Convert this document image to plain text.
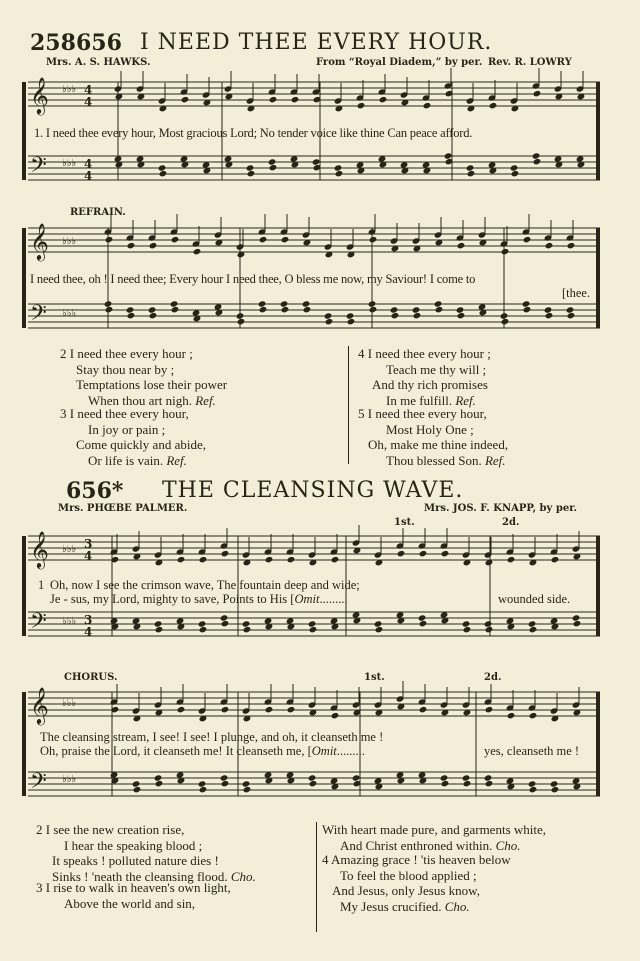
258 656 I NEED THEE EVERY HOUR.
Mrs. A. S. HAWKS.	From “Royal Diadem,” by per. Rev. R. LOWRY
𝄞
𝄢
𝄞
𝄢
𝄞
𝄢
𝄞
𝄢
♭♭♭
♭♭♭
4
4
4
4
♭♭♭
♭♭♭
♭♭♭
♭♭♭
3
4
3
4
♭♭♭
♭♭♭
1. I need thee every hour, Most gracious Lord; No tender voice like thine Can peace afford.
REFRAIN.
I need thee, oh ! I need thee; Every hour I need thee, O bless me now, my Saviour! I come to
[thee.
2 I need thee every hour ;
Stay thou near by ;
Temptations lose their power
When thou art nigh. Ref.
3 I need thee every hour,
In joy or pain ;
Come quickly and abide,
Or life is vain. Ref.
4 I need thee every hour ;
Teach me thy will ;
And thy rich promises
In me fulfill. Ref.
5 I need thee every hour,
Most Holy One ;
Oh, make me thine indeed,
Thou blessed Son. Ref.
656* THE CLEANSING WAVE.
Mrs. PHŒBE PALMER.	Mrs. JOS. F. KNAPP, by per.
1st.	2d.
1 Oh, now I see the crimson wave, The fountain deep and wide;
Je - sus, my Lord, mighty to save, Points to His [Omit.........	wounded side.
CHORUS.	1st.	2d.
The cleansing stream, I see! I see! I plunge, and oh, it cleanseth me !
Oh, praise the Lord, it cleanseth me! It cleanseth me, [Omit.........	yes, cleanseth me !
2 I see the new creation rise,
I hear the speaking blood ;
It speaks ! polluted nature dies !
Sinks ! 'neath the cleansing flood. Cho.
3 I rise to walk in heaven's own light,
Above the world and sin,
With heart made pure, and garments white,
And Christ enthroned within. Cho.
4 Amazing grace ! 'tis heaven below
To feel the blood applied ;
And Jesus, only Jesus know,
My Jesus crucified. Cho.
